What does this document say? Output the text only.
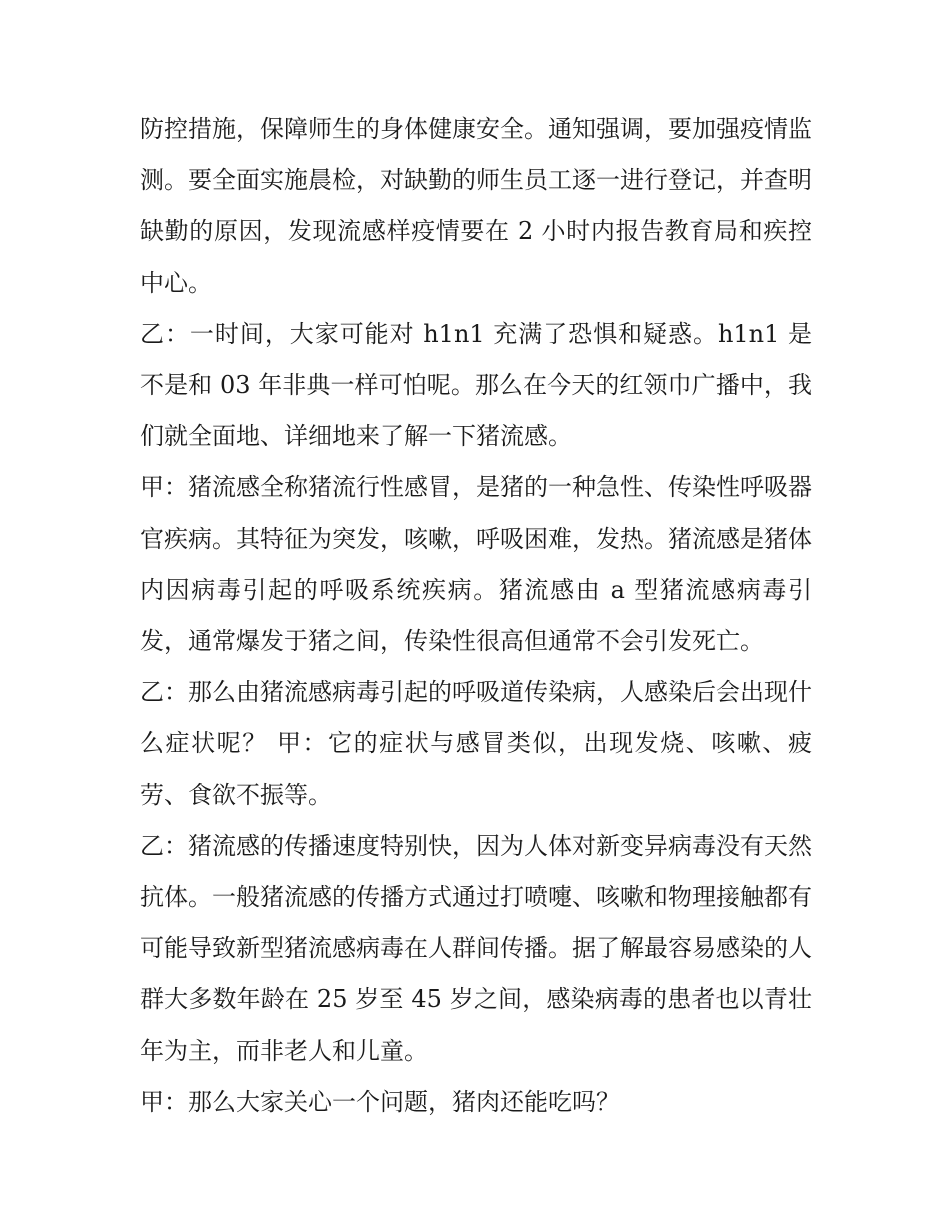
防控措施，保障师生的身体健康安全。通知强调，要加强疫情监测。要全面实施晨检，对缺勤的师生员工逐一进行登记，并查明缺勤的原因，发现流感样疫情要在 2 小时内报告教育局和疾控中心。

乙：一时间，大家可能对 h1n1 充满了恐惧和疑惑。h1n1 是不是和 03 年非典一样可怕呢。那么在今天的红领巾广播中，我们就全面地、详细地来了解一下猪流感。

甲：猪流感全称猪流行性感冒，是猪的一种急性、传染性呼吸器官疾病。其特征为突发，咳嗽，呼吸困难，发热。猪流感是猪体内因病毒引起的呼吸系统疾病。猪流感由 a 型猪流感病毒引发，通常爆发于猪之间，传染性很高但通常不会引发死亡。

乙：那么由猪流感病毒引起的呼吸道传染病，人感染后会出现什么症状呢？ 甲：它的症状与感冒类似，出现发烧、咳嗽、疲劳、食欲不振等。

乙：猪流感的传播速度特别快，因为人体对新变异病毒没有天然抗体。一般猪流感的传播方式通过打喷嚏、咳嗽和物理接触都有可能导致新型猪流感病毒在人群间传播。据了解最容易感染的人群大多数年龄在 25 岁至 45 岁之间，感染病毒的患者也以青壮年为主，而非老人和儿童。

甲：那么大家关心一个问题，猪肉还能吃吗？
